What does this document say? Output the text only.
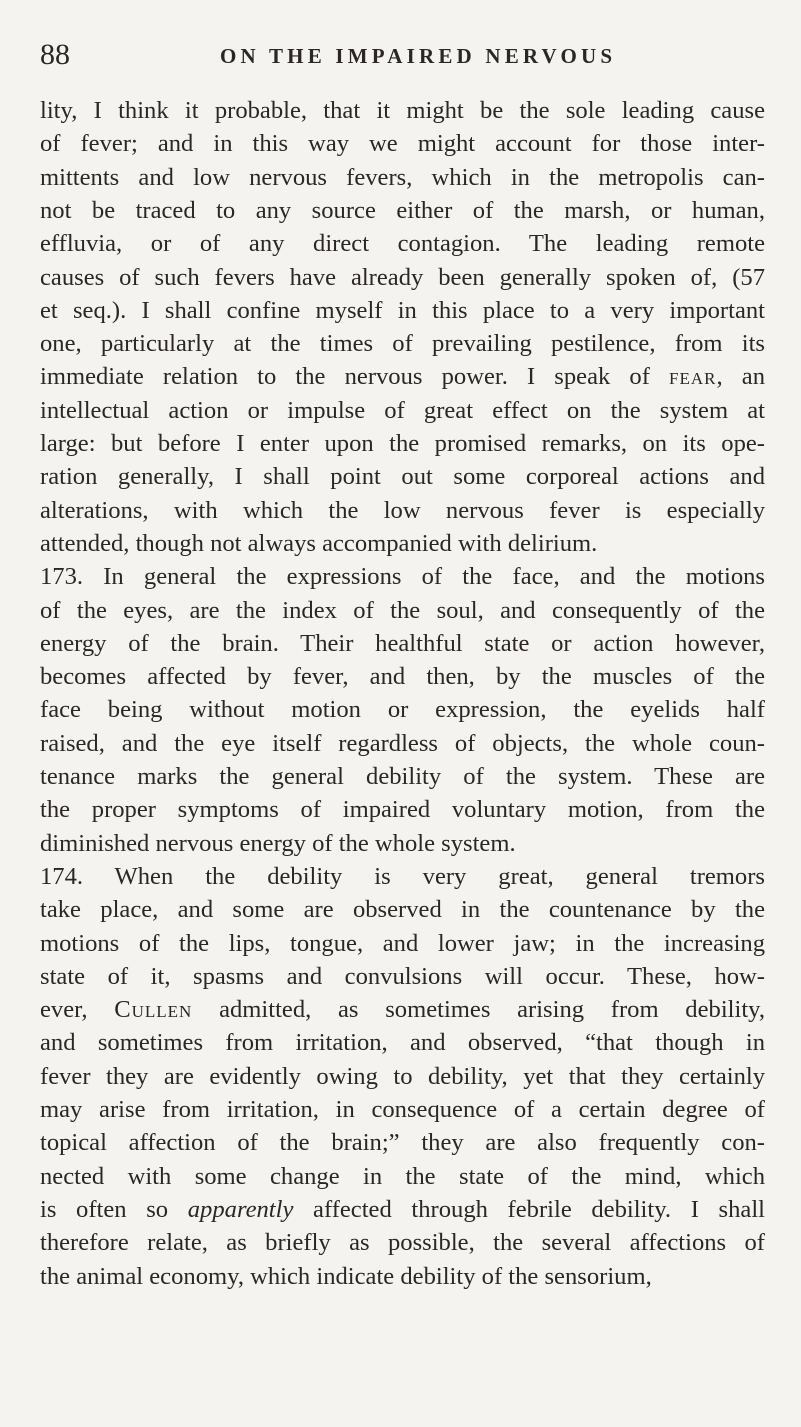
88	ON THE IMPAIRED NERVOUS
lity, I think it probable, that it might be the sole leading cause
of fever; and in this way we might account for those inter-
mittents and low nervous fevers, which in the metropolis can-
not be traced to any source either of the marsh, or human,
effluvia, or of any direct contagion. The leading remote
causes of such fevers have already been generally spoken of, (57
et seq.). I shall confine myself in this place to a very important
one, particularly at the times of prevailing pestilence, from its
immediate relation to the nervous power. I speak of fear, an
intellectual action or impulse of great effect on the system at
large: but before I enter upon the promised remarks, on its ope-
ration generally, I shall point out some corporeal actions and
alterations, with which the low nervous fever is especially
attended, though not always accompanied with delirium.
173. In general the expressions of the face, and the motions
of the eyes, are the index of the soul, and consequently of the
energy of the brain. Their healthful state or action however,
becomes affected by fever, and then, by the muscles of the
face being without motion or expression, the eyelids half
raised, and the eye itself regardless of objects, the whole coun-
tenance marks the general debility of the system. These are
the proper symptoms of impaired voluntary motion, from the
diminished nervous energy of the whole system.
174. When the debility is very great, general tremors
take place, and some are observed in the countenance by the
motions of the lips, tongue, and lower jaw; in the increasing
state of it, spasms and convulsions will occur. These, how-
ever, Cullen admitted, as sometimes arising from debility,
and sometimes from irritation, and observed, “that though in
fever they are evidently owing to debility, yet that they certainly
may arise from irritation, in consequence of a certain degree of
topical affection of the brain;” they are also frequently con-
nected with some change in the state of the mind, which
is often so apparently affected through febrile debility. I shall
therefore relate, as briefly as possible, the several affections of
the animal economy, which indicate debility of the sensorium,
